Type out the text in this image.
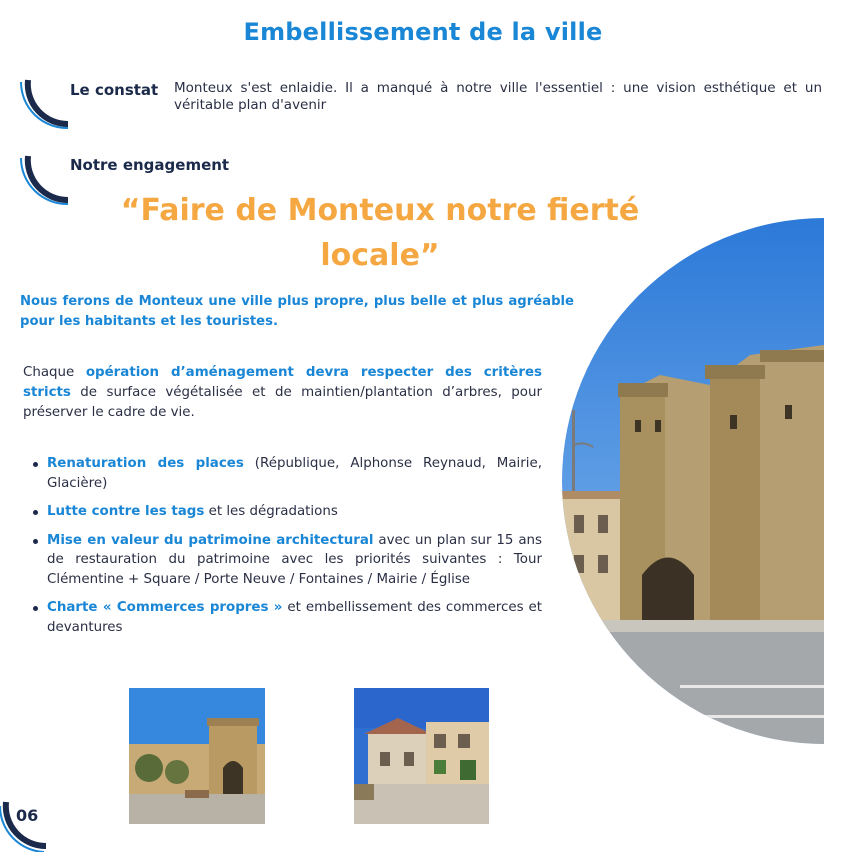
Embellissement de la ville
Le constat Monteux s'est enlaidie. Il a manqué à notre ville l'essentiel : une vision esthétique et un véritable plan d'avenir
Notre engagement
“Faire de Monteux notre fierté
locale”
Nous ferons de Monteux une ville plus propre, plus belle et plus agréable pour les habitants et les touristes.
Chaque opération d’aménagement devra respecter des critères stricts de surface végétalisée et de maintien/plantation d’arbres, pour préserver le cadre de vie.
Renaturation des places (République, Alphonse Reynaud, Mairie, Glacière)
Lutte contre les tags et les dégradations
Mise en valeur du patrimoine architectural avec un plan sur 15 ans de restauration du patrimoine avec les priorités suivantes : Tour Clémentine + Square / Porte Neuve / Fontaines / Mairie / Église
Charte « Commerces propres » et embellissement des commerces et devantures
06
